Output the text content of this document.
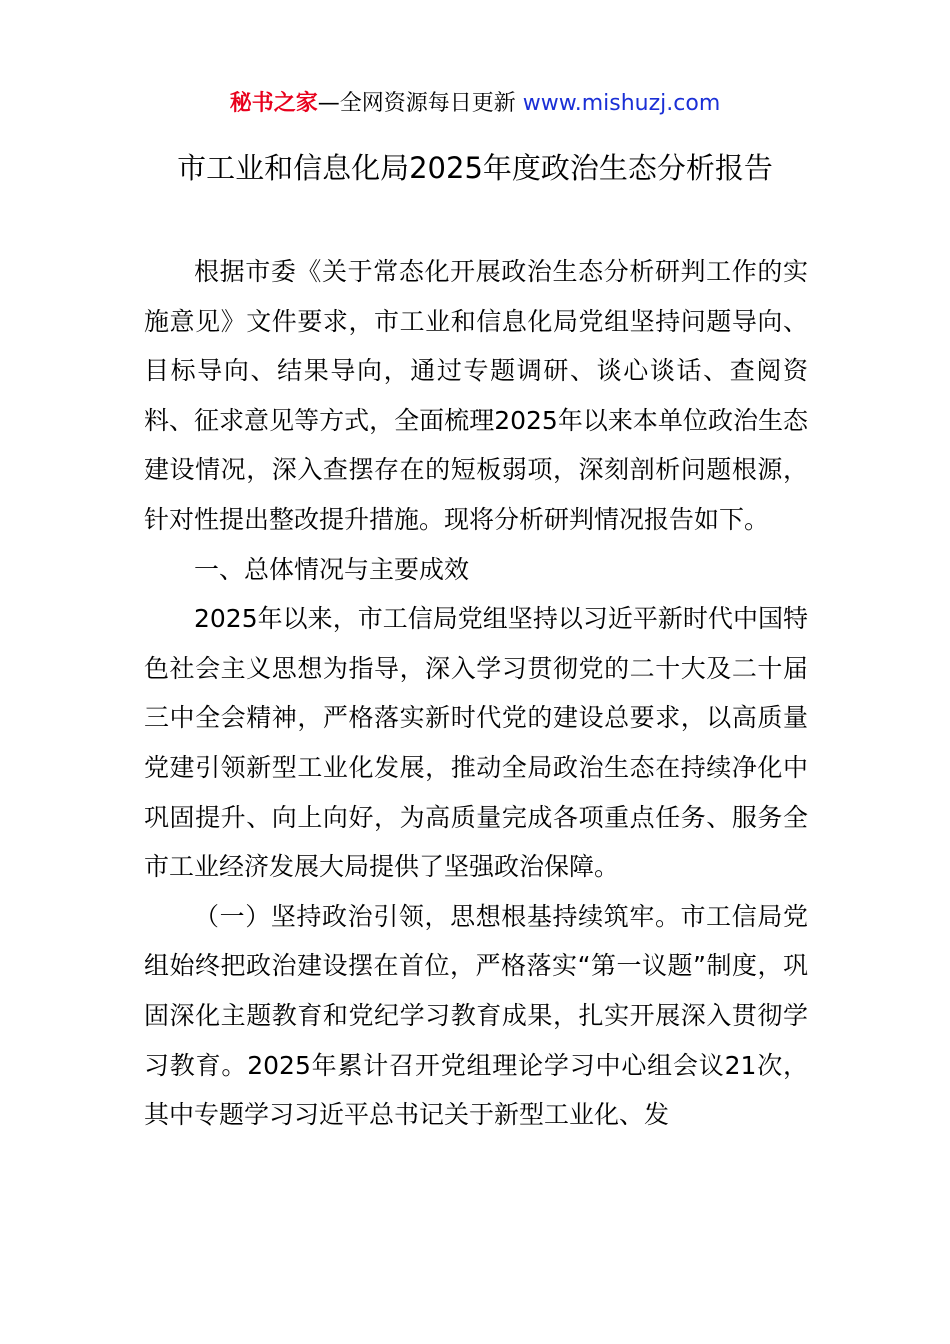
秘书之家—全网资源每日更新 www.mishuzj.com
市工业和信息化局2025年度政治生态分析报告

根据市委《关于常态化开展政治生态分析研判工作的实施意见》文件要求，市工业和信息化局党组坚持问题导向、目标导向、结果导向，通过专题调研、谈心谈话、查阅资料、征求意见等方式，全面梳理2025年以来本单位政治生态建设情况，深入查摆存在的短板弱项，深刻剖析问题根源，针对性提出整改提升措施。现将分析研判情况报告如下。

一、总体情况与主要成效

2025年以来，市工信局党组坚持以习近平新时代中国特色社会主义思想为指导，深入学习贯彻党的二十大及二十届三中全会精神，严格落实新时代党的建设总要求，以高质量党建引领新型工业化发展，推动全局政治生态在持续净化中巩固提升、向上向好，为高质量完成各项重点任务、服务全市工业经济发展大局提供了坚强政治保障。

（一）坚持政治引领，思想根基持续筑牢。市工信局党组始终把政治建设摆在首位，严格落实“第一议题”制度，巩固深化主题教育和党纪学习教育成果，扎实开展深入贯彻学习教育。2025年累计召开党组理论学习中心组会议21次，其中专题学习习近平总书记关于新型工业化、发
